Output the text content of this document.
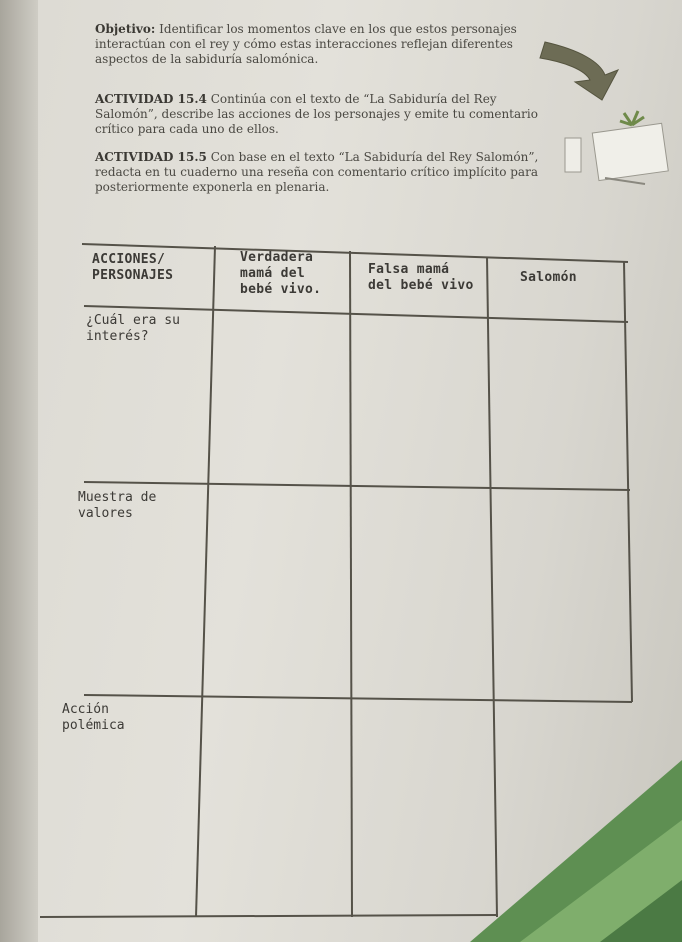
Objetivo: Identificar los momentos clave en los que estos personajes interactúan con el rey y cómo estas interacciones reflejan diferentes aspectos de la sabiduría salomónica.
ACTIVIDAD 15.4 Continúa con el texto de “La Sabiduría del Rey Salomón”, describe las acciones de los personajes y emite tu comentario crítico para cada uno de ellos.
ACTIVIDAD 15.5 Con base en el texto “La Sabiduría del Rey Salomón”, redacta en tu cuaderno una reseña con comentario crítico implícito para posteriormente exponerla en plenaria.
ACCIONES/
PERSONAJES
Verdadera
mamá del
bebé vivo.
Falsa mamá
del bebé vivo
Salomón
¿Cuál era su
interés?
Muestra de
valores
Acción
polémica
